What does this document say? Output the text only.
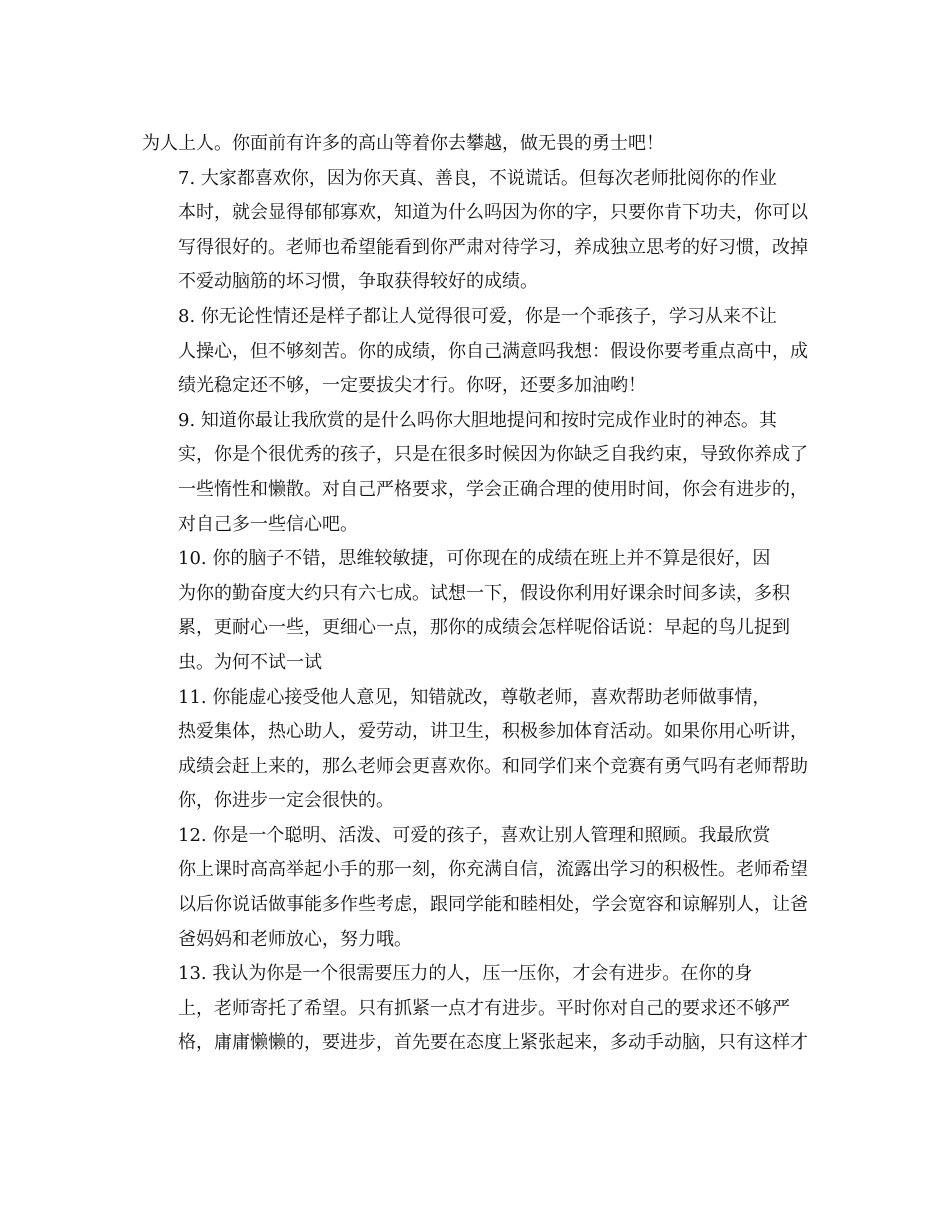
为人上人。你面前有许多的高山等着你去攀越，做无畏的勇士吧！

7. 大家都喜欢你，因为你天真、善良，不说谎话。但每次老师批阅你的作业
本时，就会显得郁郁寡欢，知道为什么吗因为你的字，只要你肯下功夫，你可以
写得很好的。老师也希望能看到你严肃对待学习，养成独立思考的好习惯，改掉
不爱动脑筋的坏习惯，争取获得较好的成绩。

8. 你无论性情还是样子都让人觉得很可爱，你是一个乖孩子，学习从来不让
人操心，但不够刻苦。你的成绩，你自己满意吗我想：假设你要考重点高中，成
绩光稳定还不够，一定要拔尖才行。你呀，还要多加油哟！

9. 知道你最让我欣赏的是什么吗你大胆地提问和按时完成作业时的神态。其
实，你是个很优秀的孩子，只是在很多时候因为你缺乏自我约束，导致你养成了
一些惰性和懒散。对自己严格要求，学会正确合理的使用时间，你会有进步的，
对自己多一些信心吧。

10. 你的脑子不错，思维较敏捷，可你现在的成绩在班上并不算是很好，因
为你的勤奋度大约只有六七成。试想一下，假设你利用好课余时间多读，多积
累，更耐心一些，更细心一点，那你的成绩会怎样呢俗话说：早起的鸟儿捉到
虫。为何不试一试

11. 你能虚心接受他人意见，知错就改，尊敬老师，喜欢帮助老师做事情，
热爱集体，热心助人，爱劳动，讲卫生，积极参加体育活动。如果你用心听讲，
成绩会赶上来的，那么老师会更喜欢你。和同学们来个竞赛有勇气吗有老师帮助
你，你进步一定会很快的。

12. 你是一个聪明、活泼、可爱的孩子，喜欢让别人管理和照顾。我最欣赏
你上课时高高举起小手的那一刻，你充满自信，流露出学习的积极性。老师希望
以后你说话做事能多作些考虑，跟同学能和睦相处，学会宽容和谅解别人，让爸
爸妈妈和老师放心，努力哦。

13. 我认为你是一个很需要压力的人，压一压你，才会有进步。在你的身
上，老师寄托了希望。只有抓紧一点才有进步。平时你对自己的要求还不够严
格，庸庸懒懒的，要进步，首先要在态度上紧张起来，多动手动脑，只有这样才
